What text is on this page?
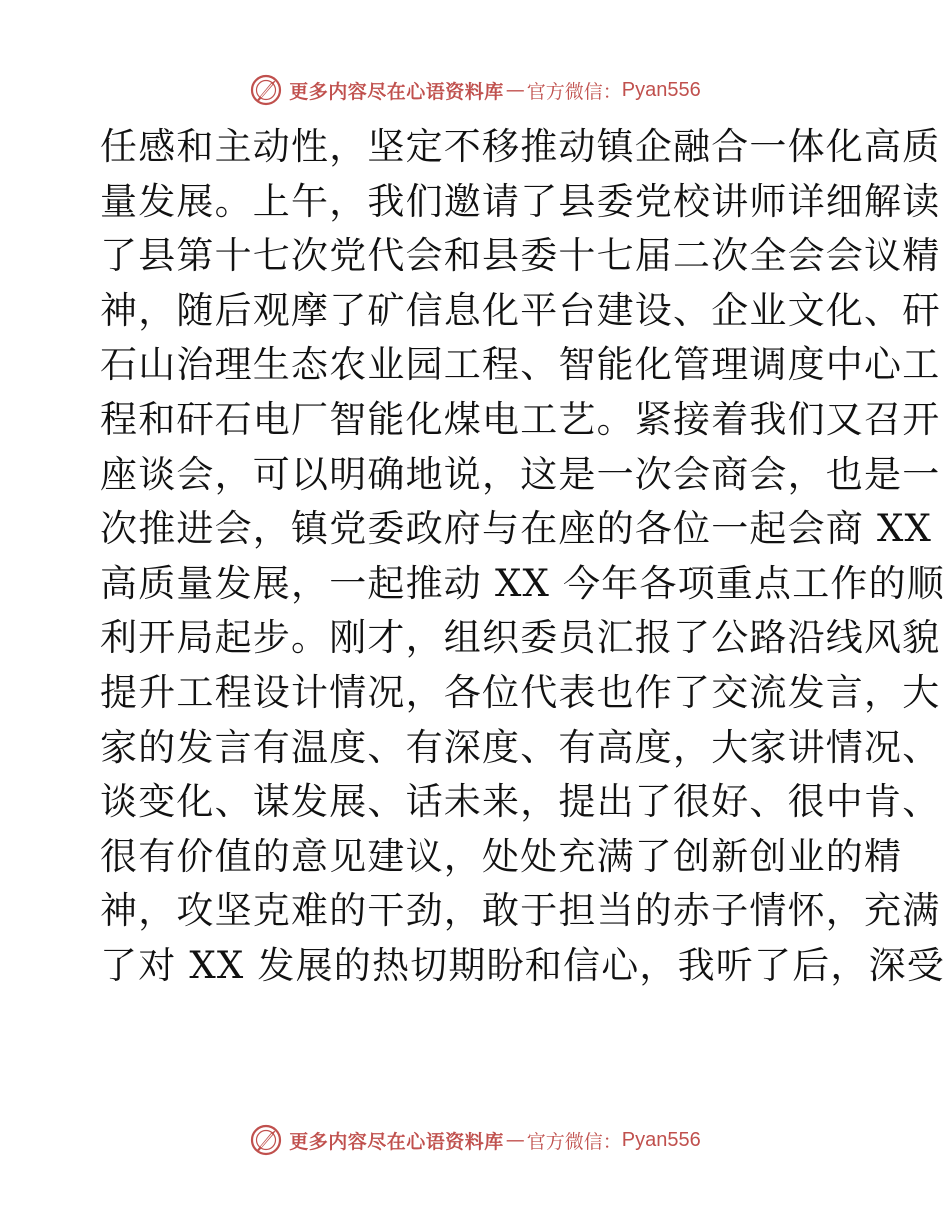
更多内容尽在心语资料库 — 官方微信： Pyan556
任感和主动性，坚定不移推动镇企融合一体化高质
量发展。上午，我们邀请了县委党校讲师详细解读
了县第十七次党代会和县委十七届二次全会会议精
神，随后观摩了矿信息化平台建设、企业文化、矸
石山治理生态农业园工程、智能化管理调度中心工
程和矸石电厂智能化煤电工艺。紧接着我们又召开
座谈会，可以明确地说，这是一次会商会，也是一
次推进会，镇党委政府与在座的各位一起会商 XX
高质量发展，一起推动 XX 今年各项重点工作的顺
利开局起步。刚才，组织委员汇报了公路沿线风貌
提升工程设计情况，各位代表也作了交流发言，大
家的发言有温度、有深度、有高度，大家讲情况、
谈变化、谋发展、话未来，提出了很好、很中肯、
很有价值的意见建议，处处充满了创新创业的精
神，攻坚克难的干劲，敢于担当的赤子情怀，充满
了对 XX 发展的热切期盼和信心，我听了后，深受
更多内容尽在心语资料库 — 官方微信： Pyan556
